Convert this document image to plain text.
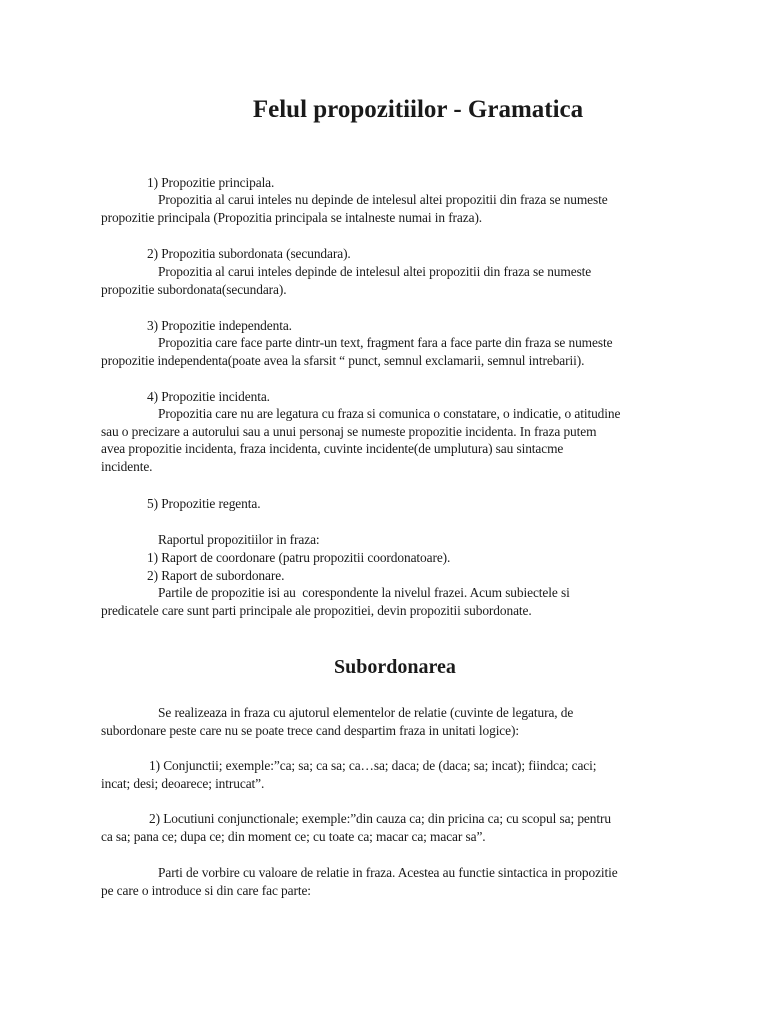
Felul propozitiilor - Gramatica

1) Propozitie principala.

Propozitia al carui inteles nu depinde de intelesul altei propozitii din fraza se numeste
propozitie principala (Propozitia principala se intalneste numai in fraza).

2) Propozitia subordonata (secundara).

Propozitia al carui inteles depinde de intelesul altei propozitii din fraza se numeste
propozitie subordonata(secundara).

3) Propozitie independenta.

Propozitia care face parte dintr-un text, fragment fara a face parte din fraza se numeste
propozitie independenta(poate avea la sfarsit “ punct, semnul exclamarii, semnul intrebarii).

4) Propozitie incidenta.

Propozitia care nu are legatura cu fraza si comunica o constatare, o indicatie, o atitudine
sau o precizare a autorului sau a unui personaj se numeste propozitie incidenta. In fraza putem
avea propozitie incidenta, fraza incidenta, cuvinte incidente(de umplutura) sau sintacme
incidente.

5) Propozitie regenta.

Raportul propozitiilor in fraza:

1) Raport de coordonare (patru propozitii coordonatoare).

2) Raport de subordonare.

Partile de propozitie isi au  corespondente la nivelul frazei. Acum subiectele si
predicatele care sunt parti principale ale propozitiei, devin propozitii subordonate.

Subordonarea

Se realizeaza in fraza cu ajutorul elementelor de relatie (cuvinte de legatura, de
subordonare peste care nu se poate trece cand despartim fraza in unitati logice):

1) Conjunctii; exemple:”ca; sa; ca sa; ca…sa; daca; de (daca; sa; incat); fiindca; caci;
incat; desi; deoarece; intrucat”.

2) Locutiuni conjunctionale; exemple:”din cauza ca; din pricina ca; cu scopul sa; pentru
ca sa; pana ce; dupa ce; din moment ce; cu toate ca; macar ca; macar sa”.

Parti de vorbire cu valoare de relatie in fraza. Acestea au functie sintactica in propozitie
pe care o introduce si din care fac parte:
